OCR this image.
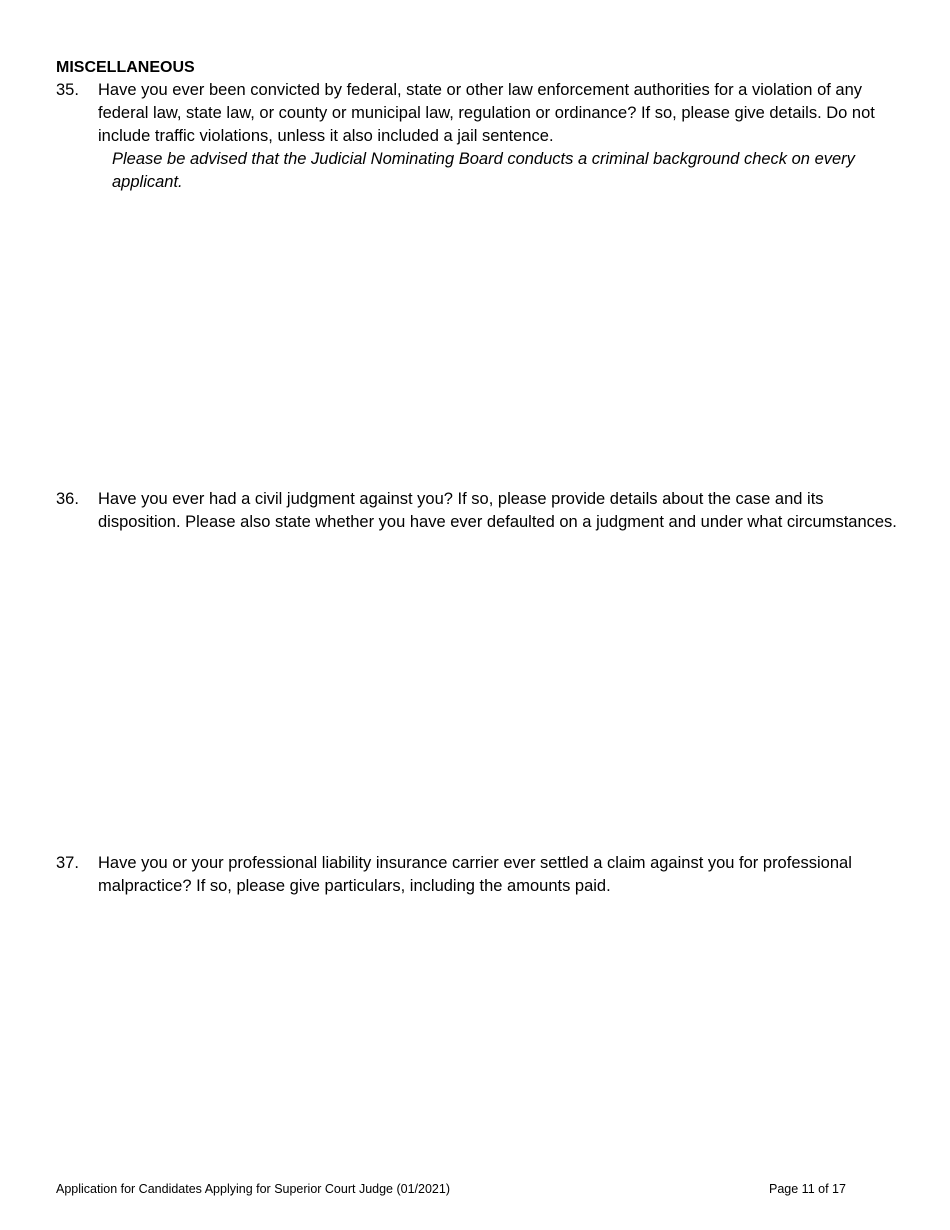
MISCELLANEOUS
35. Have you ever been convicted by federal, state or other law enforcement authorities for a violation of any federal law, state law, or county or municipal law, regulation or ordinance? If so, please give details. Do not include traffic violations, unless it also included a jail sentence.
Please be advised that the Judicial Nominating Board conducts a criminal background check on every applicant.
36. Have you ever had a civil judgment against you? If so, please provide details about the case and its disposition. Please also state whether you have ever defaulted on a judgment and under what circumstances.
37. Have you or your professional liability insurance carrier ever settled a claim against you for professional malpractice? If so, please give particulars, including the amounts paid.
Application for Candidates Applying for Superior Court Judge (01/2021)	Page 11 of 17
